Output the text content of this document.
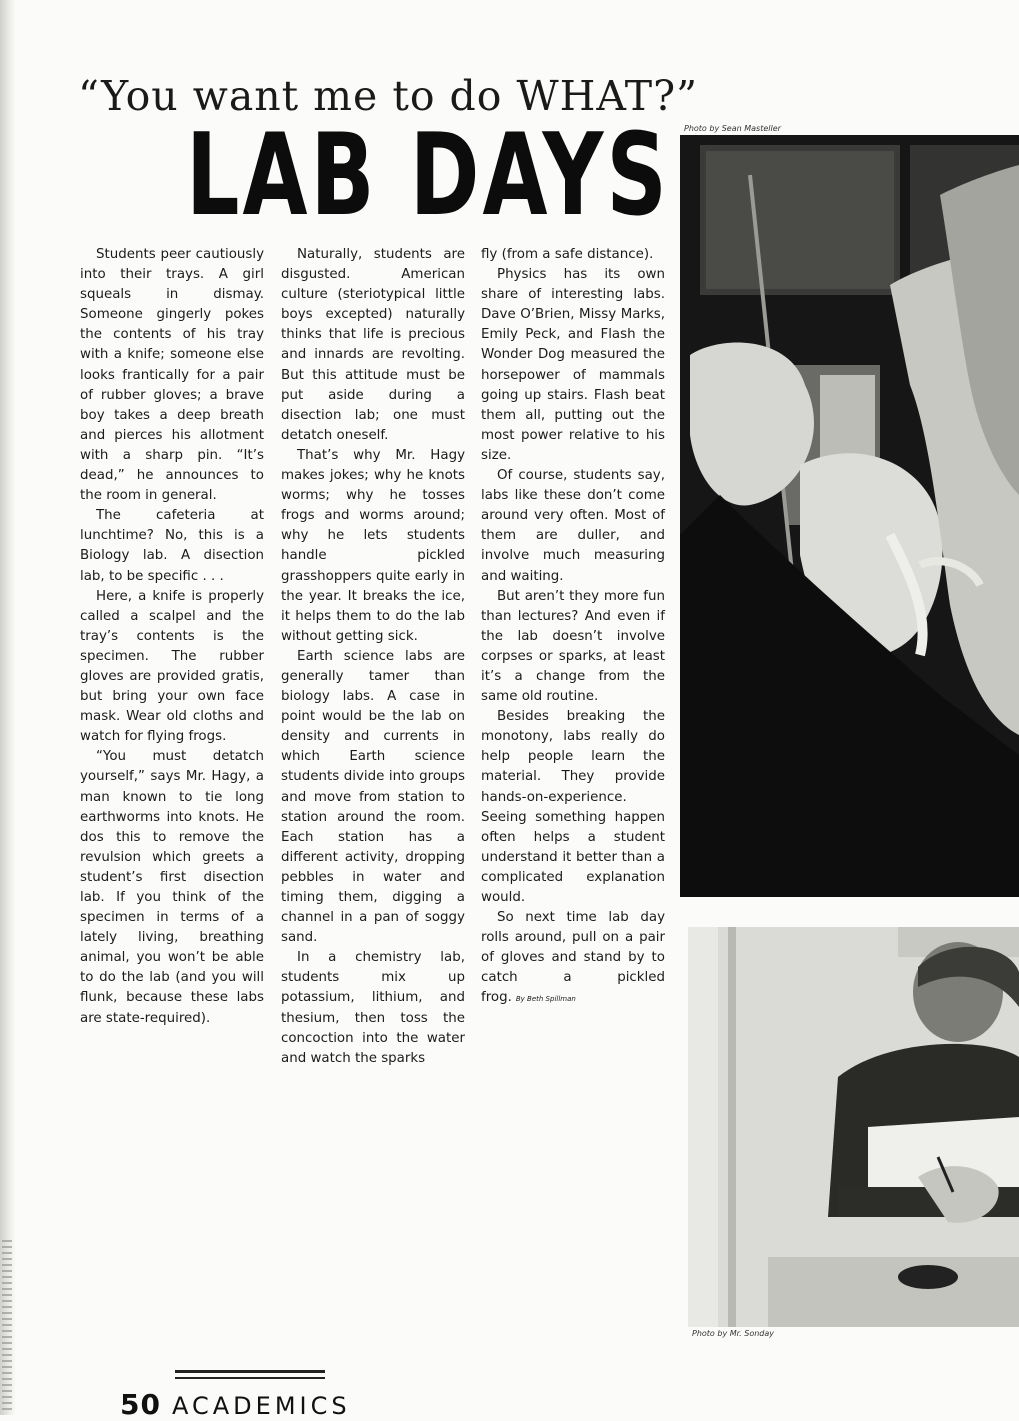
“You want me to do WHAT?”
LAB DAYS Photo by Sean Masteller
Photo by Mr. Sonday

Students peer cautiously into their trays. A girl squeals in dismay. Someone gingerly pokes the contents of his tray with a knife; someone else looks frantically for a pair of rubber gloves; a brave boy takes a deep breath and pierces his allotment with a sharp pin. “It’s dead,” he announces to the room in general.

The cafeteria at lunchtime? No, this is a Biology lab. A disection lab, to be specific . . .

Here, a knife is properly called a scalpel and the tray’s contents is the specimen. The rubber gloves are provided gratis, but bring your own face mask. Wear old cloths and watch for flying frogs.

“You must detatch yourself,” says Mr. Hagy, a man known to tie long earthworms into knots. He dos this to remove the revulsion which greets a student’s first disection lab. If you think of the specimen in terms of a lately living, breathing animal, you won’t be able to do the lab (and you will flunk, because these labs are state-required).

Naturally, students are disgusted. American culture (steriotypical little boys excepted) naturally thinks that life is precious and innards are revolting. But this attitude must be put aside during a disection lab; one must detatch oneself.

That’s why Mr. Hagy makes jokes; why he knots worms; why he tosses frogs and worms around; why he lets students handle pickled grasshoppers quite early in the year. It breaks the ice, it helps them to do the lab without getting sick.

Earth science labs are generally tamer than biology labs. A case in point would be the lab on density and currents in which Earth science students divide into groups and move from station to station around the room. Each station has a different activity, dropping pebbles in water and timing them, digging a channel in a pan of soggy sand.

In a chemistry lab, students mix up potassium, lithium, and thesium, then toss the concoction into the water and watch the sparks

fly (from a safe distance).

Physics has its own share of interesting labs. Dave O’Brien, Missy Marks, Emily Peck, and Flash the Wonder Dog measured the horsepower of mammals going up stairs. Flash beat them all, putting out the most power relative to his size.

Of course, students say, labs like these don’t come around very often. Most of them are duller, and involve much measuring and waiting.

But aren’t they more fun than lectures? And even if the lab doesn’t involve corpses or sparks, at least it’s a change from the same old routine.

Besides breaking the monotony, labs really do help people learn the material. They provide hands-on-experience. Seeing something happen often helps a student understand it better than a complicated explanation would.

So next time lab day rolls around, pull on a pair of gloves and stand by to catch a pickled frog. By Beth Spillman

50 ACADEMICS
